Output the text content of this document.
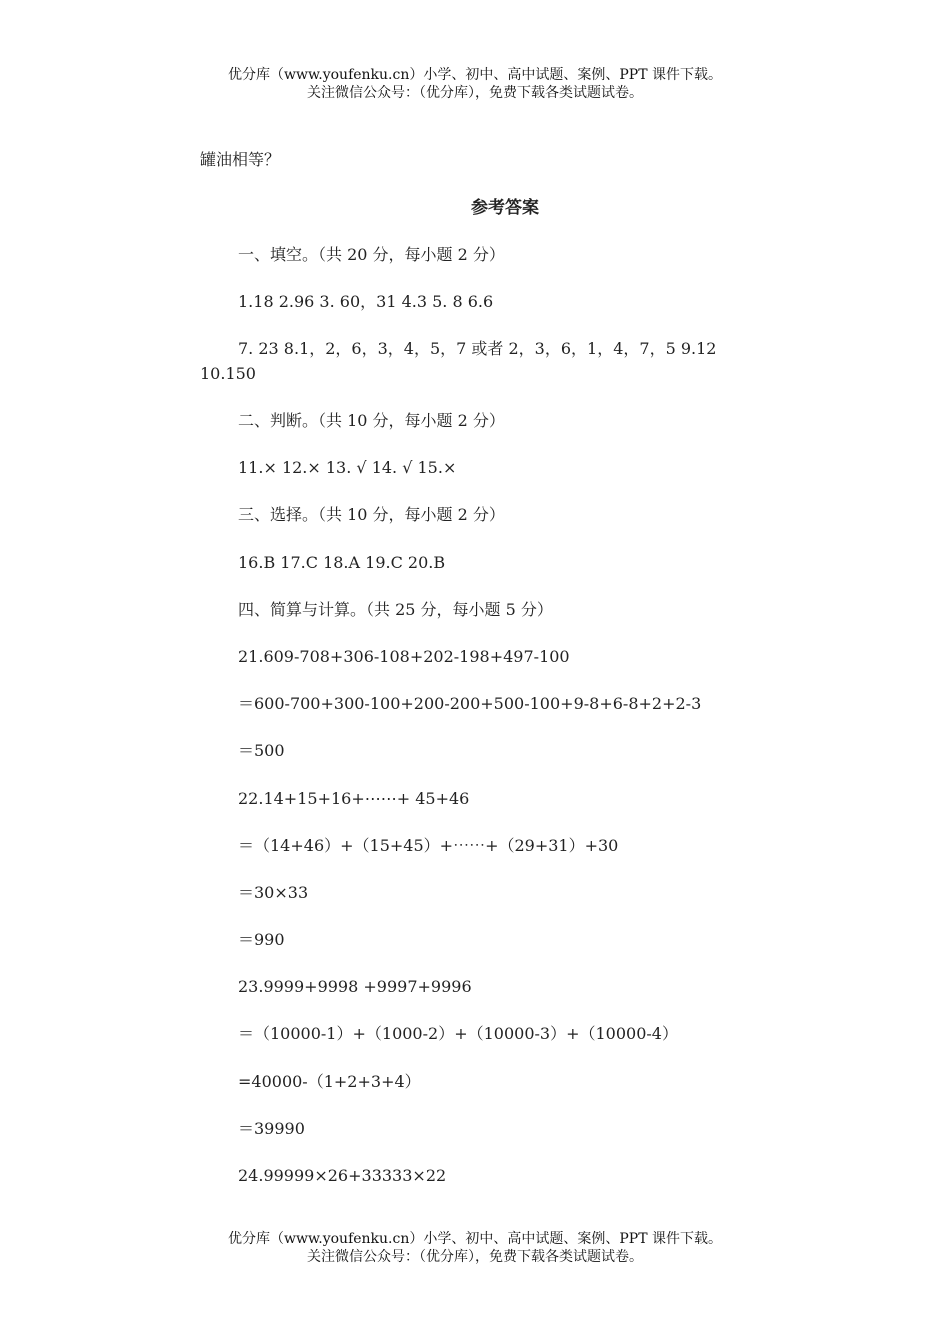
优分库（www.youfenku.cn）小学、初中、高中试题、案例、PPT 课件下载。
关注微信公众号：（优分库），免费下载各类试题试卷。
罐油相等？
参考答案
一、填空。（共 20 分，每小题 2 分）
1.18 2.96 3. 60，31 4.3 5. 8 6.6
7. 23 8.1，2，6，3，4，5，7 或者 2，3，6，1，4，7，5 9.12
10.150
二、判断。（共 10 分，每小题 2 分）
11.× 12.× 13. √ 14. √ 15.×
三、选择。（共 10 分，每小题 2 分）
16.B 17.C 18.A 19.C 20.B
四、简算与计算。（共 25 分，每小题 5 分）
21.609-708+306-108+202-198+497-100
＝600-700+300-100+200-200+500-100+9-8+6-8+2+2-3
＝500
22.14+15+16+⋯⋯+ 45+46
＝（14+46）+（15+45）+⋯⋯+（29+31）+30
＝30×33
＝990
23.9999+9998 +9997+9996
＝（10000-1）+（1000-2）+（10000-3）+（10000-4）
=40000-（1+2+3+4）
＝39990
24.99999×26+33333×22
优分库（www.youfenku.cn）小学、初中、高中试题、案例、PPT 课件下载。
关注微信公众号：（优分库），免费下载各类试题试卷。
